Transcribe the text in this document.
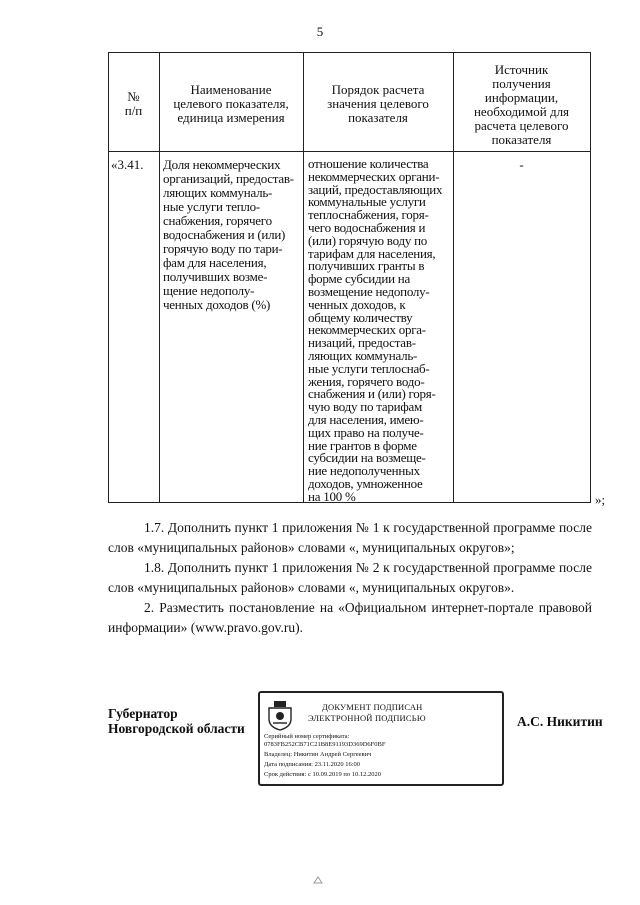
5
№
п/п
Наименование
целевого показателя,
единица измерения
Порядок расчета
значения целевого
показателя
Источник
получения
информации,
необходимой для
расчета целевого
показателя
«3.41. Доля некоммерческих
организаций, предостав-
ляющих коммуналь-
ные услуги тепло-
снабжения, горячего
водоснабжения и (или)
горячую воду по тари-
фам для населения,
получивших возме-
щение недополу-
ченных доходов (%)
отношение количества
некоммерческих органи-
заций, предоставляющих
коммунальные услуги
теплоснабжения, горя-
чего водоснабжения и
(или) горячую воду по
тарифам для населения,
получивших гранты в
форме субсидии на
возмещение недополу-
ченных доходов, к
общему количеству
некоммерческих орга-
низаций, предостав-
ляющих коммуналь-
ные услуги теплоснаб-
жения, горячего водо-
снабжения и (или) горя-
чую воду по тарифам
для населения, имею-
щих право на получе-
ние грантов в форме
субсидии на возмеще-
ние недополученных
доходов, умноженное
на 100 %
-
»;
1.7. Дополнить пункт 1 приложения № 1 к государственной программе после слов «муниципальных районов» словами «, муниципальных округов»;
1.8. Дополнить пункт 1 приложения № 2 к государственной программе после слов «муниципальных районов» словами «, муниципальных округов».
2. Разместить постановление на «Официальном интернет-портале правовой информации» (www.pravo.gov.ru).
Губернатор
Новгородской области
ДОКУМЕНТ ПОДПИСАН
ЭЛЕКТРОННОЙ ПОДПИСЬЮ
Серийный номер сертификата:
0783FB252CB71C21B8E91193D369D6F0BF
Владелец: Никитин Андрей Сергеевич
Дата подписания: 23.11.2020 16:00
Срок действия: с 10.09.2019 по 10.12.2020
А.С. Никитин
